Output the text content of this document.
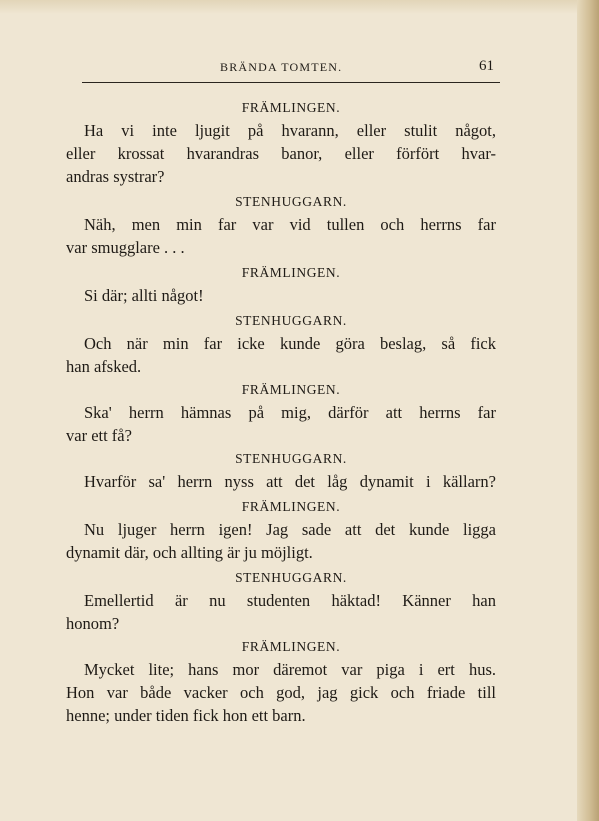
BRÄNDA TOMTEN.	61

FRÄMLINGEN.

Ha vi inte ljugit på hvarann, eller stulit något,

eller krossat hvarandras banor, eller förfört hvar-

andras systrar?

STENHUGGARN.

Näh, men min far var vid tullen och herrns far

var smugglare . . .

FRÄMLINGEN.

Si där; allti något!

STENHUGGARN.

Och när min far icke kunde göra beslag, så fick

han afsked.

FRÄMLINGEN.

Ska' herrn hämnas på mig, därför att herrns far

var ett få?

STENHUGGARN.

Hvarför sa' herrn nyss att det låg dynamit i källarn?

FRÄMLINGEN.

Nu ljuger herrn igen! Jag sade att det kunde ligga

dynamit där, och allting är ju möjligt.

STENHUGGARN.

Emellertid är nu studenten häktad! Känner han

honom?

FRÄMLINGEN.

Mycket lite; hans mor däremot var piga i ert hus.

Hon var både vacker och god, jag gick och friade till

henne; under tiden fick hon ett barn.
